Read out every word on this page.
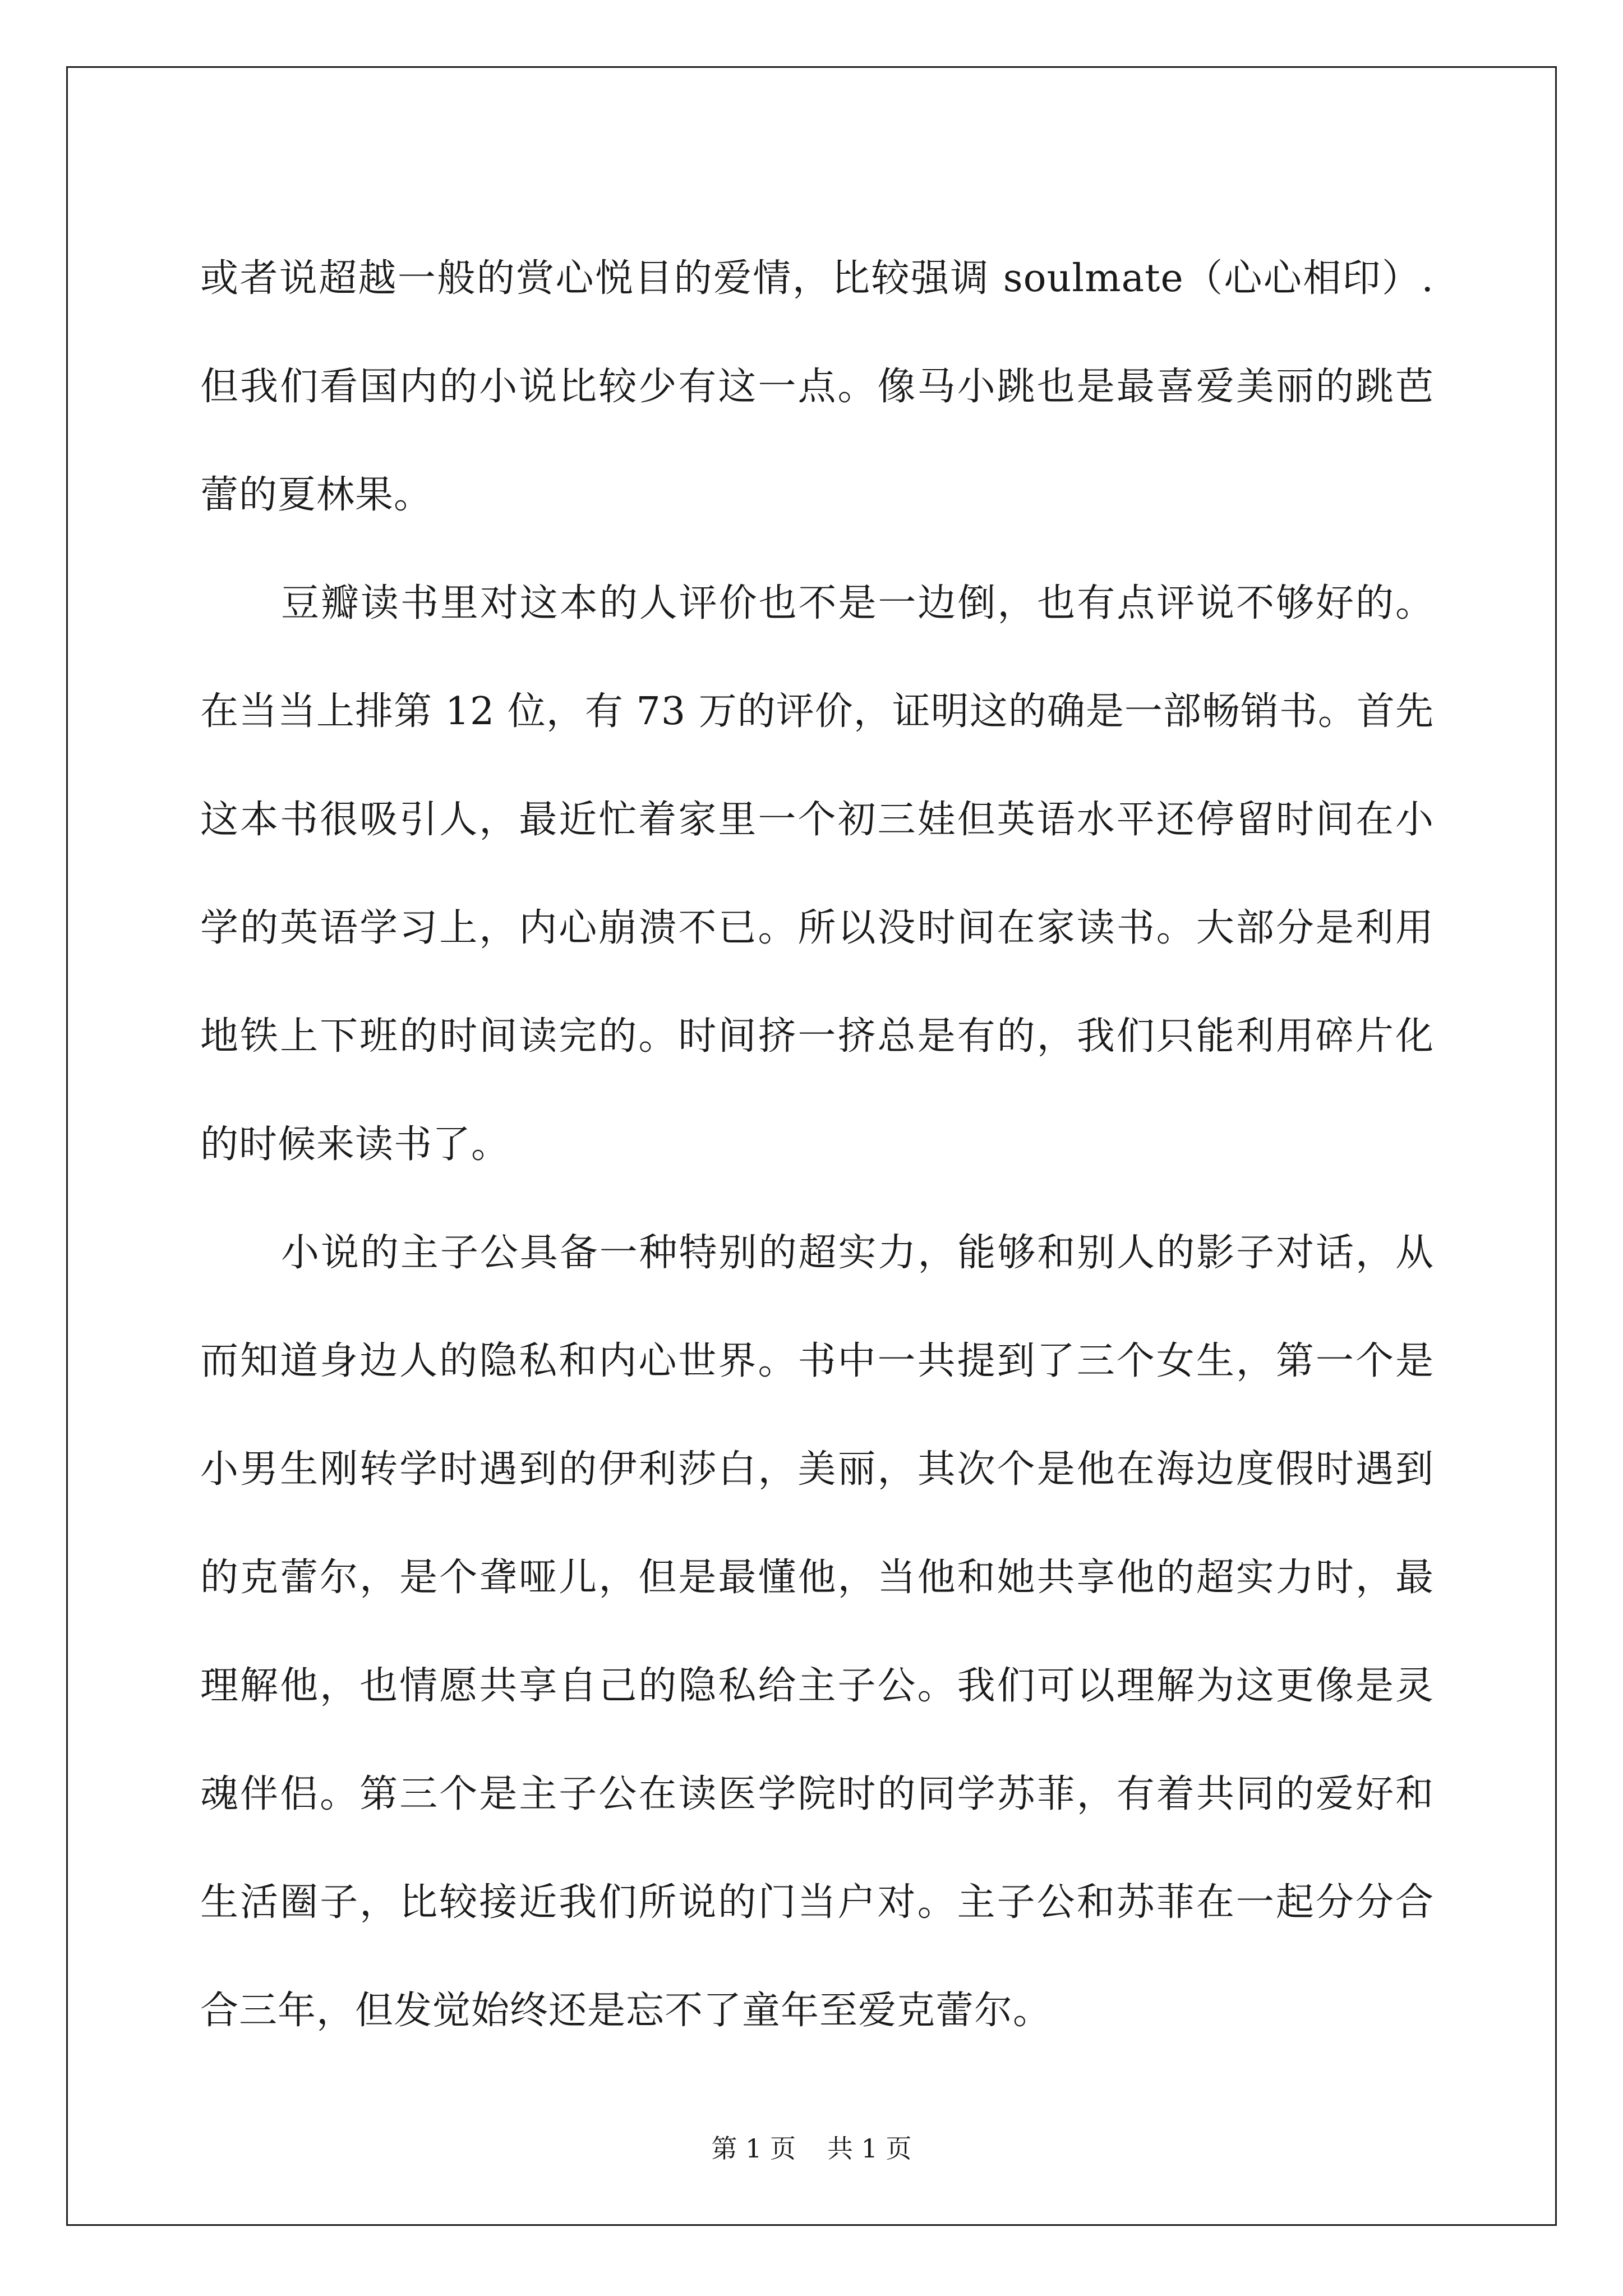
或者说超越一般的赏心悦目的爱情，比较强调 soulmate（心心相印）.但我们看国内的小说比较少有这一点。像马小跳也是最喜爱美丽的跳芭蕾的夏林果。

豆瓣读书里对这本的人评价也不是一边倒，也有点评说不够好的。在当当上排第 12 位，有 73 万的评价，证明这的确是一部畅销书。首先这本书很吸引人，最近忙着家里一个初三娃但英语水平还停留时间在小学的英语学习上，内心崩溃不已。所以没时间在家读书。大部分是利用地铁上下班的时间读完的。时间挤一挤总是有的，我们只能利用碎片化的时候来读书了。

小说的主子公具备一种特别的超实力，能够和别人的影子对话，从而知道身边人的隐私和内心世界。书中一共提到了三个女生，第一个是小男生刚转学时遇到的伊利莎白，美丽，其次个是他在海边度假时遇到的克蕾尔，是个聋哑儿，但是最懂他，当他和她共享他的超实力时，最理解他，也情愿共享自己的隐私给主子公。我们可以理解为这更像是灵魂伴侣。第三个是主子公在读医学院时的同学苏菲，有着共同的爱好和生活圈子，比较接近我们所说的门当户对。主子公和苏菲在一起分分合合三年，但发觉始终还是忘不了童年至爱克蕾尔。

第 1 页 共 1 页
